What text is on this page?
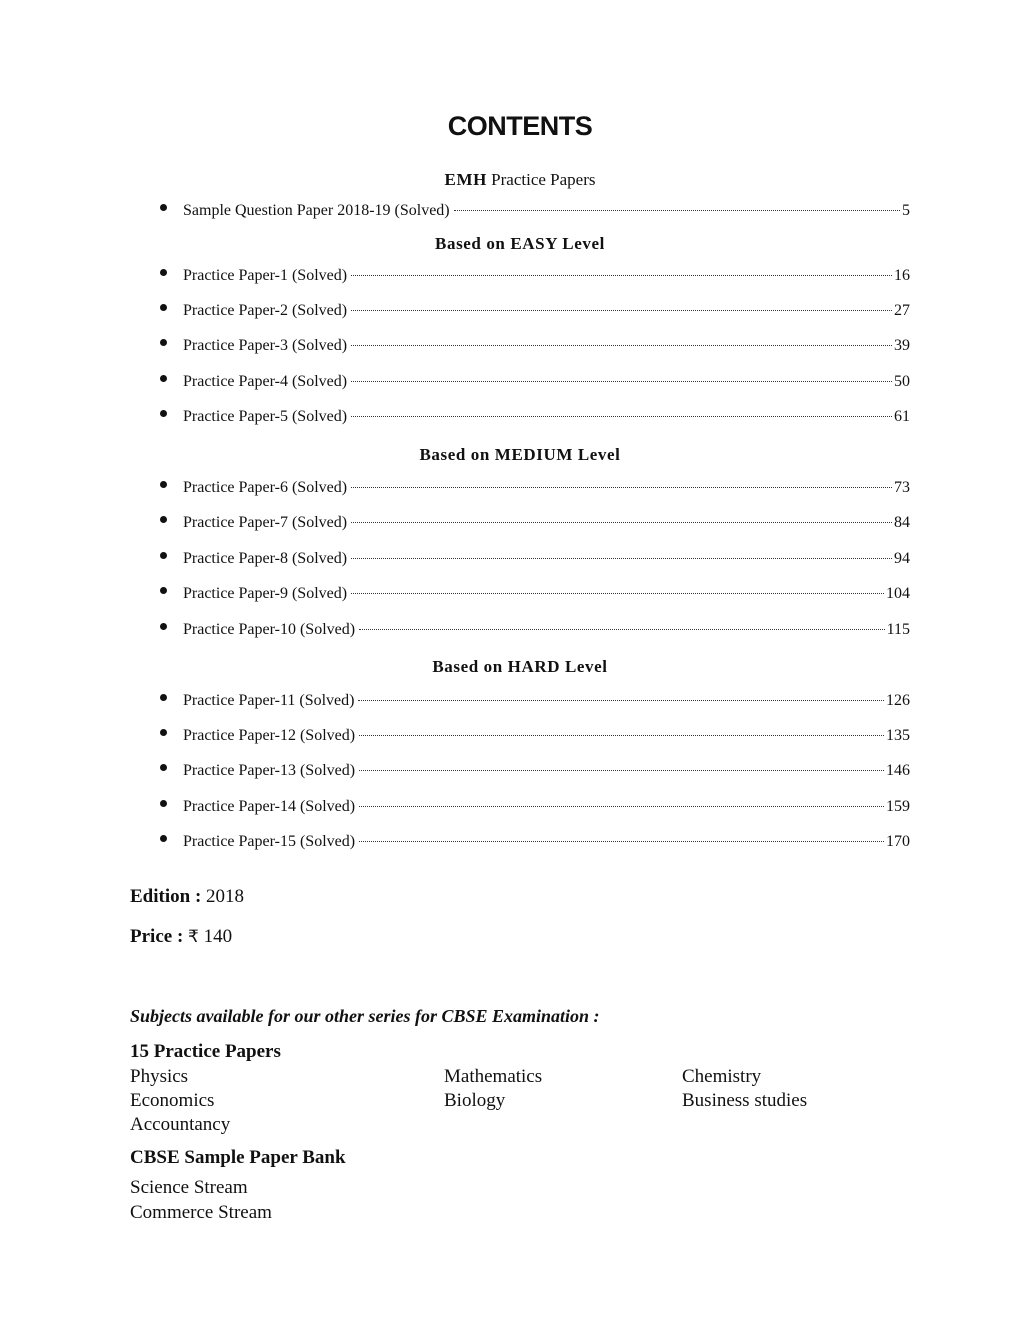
CONTENTS
EMH Practice Papers
Sample Question Paper 2018-19 (Solved)	5
Based on EASY Level
Practice Paper-1 (Solved)	16
Practice Paper-2 (Solved)	27
Practice Paper-3 (Solved)	39
Practice Paper-4 (Solved)	50
Practice Paper-5 (Solved)	61
Based on MEDIUM Level
Practice Paper-6 (Solved)	73
Practice Paper-7 (Solved)	84
Practice Paper-8 (Solved)	94
Practice Paper-9 (Solved)	104
Practice Paper-10 (Solved)	115
Based on HARD Level
Practice Paper-11 (Solved)	126
Practice Paper-12 (Solved)	135
Practice Paper-13 (Solved)	146
Practice Paper-14 (Solved)	159
Practice Paper-15 (Solved)	170
Edition : 2018
Price : ₹ 140
Subjects available for our other series for CBSE Examination :
15 Practice Papers
Physics	Mathematics	Chemistry
Economics	Biology	Business studies
Accountancy
CBSE Sample Paper Bank
Science Stream
Commerce Stream
